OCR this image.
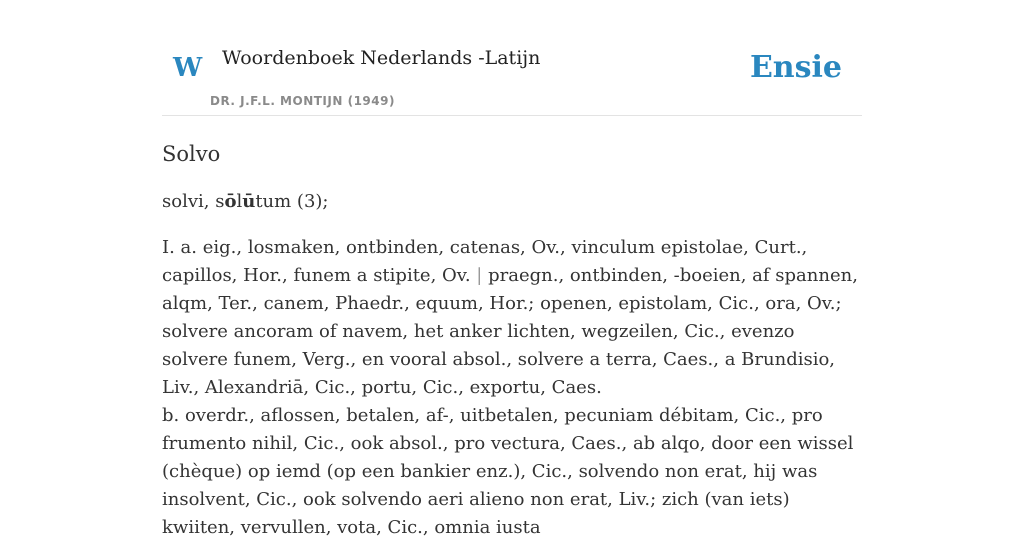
W Woordenboek Nederlands -Latijn
DR. J.F.L. MONTIJN (1949)
Ensie
Solvo
solvi, sōlūtum (3);

I. a. eig., losmaken, ontbinden, catenas, Ov., vinculum epistolae, Curt., capillos, Hor., funem a stipite, Ov. | praegn., ontbinden, -boeien, af spannen, alqm, Ter., canem, Phaedr., equum, Hor.; openen, epistolam, Cic., ora, Ov.; solvere ancoram of navem, het anker lichten, wegzeilen, Cic., evenzo solvere funem, Verg., en vooral absol., solvere a terra, Caes., a Brundisio, Liv., Alexandriā, Cic., portu, Cic., exportu, Caes.

b. overdr., aflossen, betalen, af-, uitbetalen, pecuniam débitam, Cic., pro frumento nihil, Cic., ook absol., pro vectura, Caes., ab alqo, door een wissel (chèque) op iemd (op een bankier enz.), Cic., solvendo non erat, hij was insolvent, Cic., ook solvendo aeri alieno non erat, Liv.; zich (van iets) kwiiten, vervullen, vota, Cic., omnia iusta
